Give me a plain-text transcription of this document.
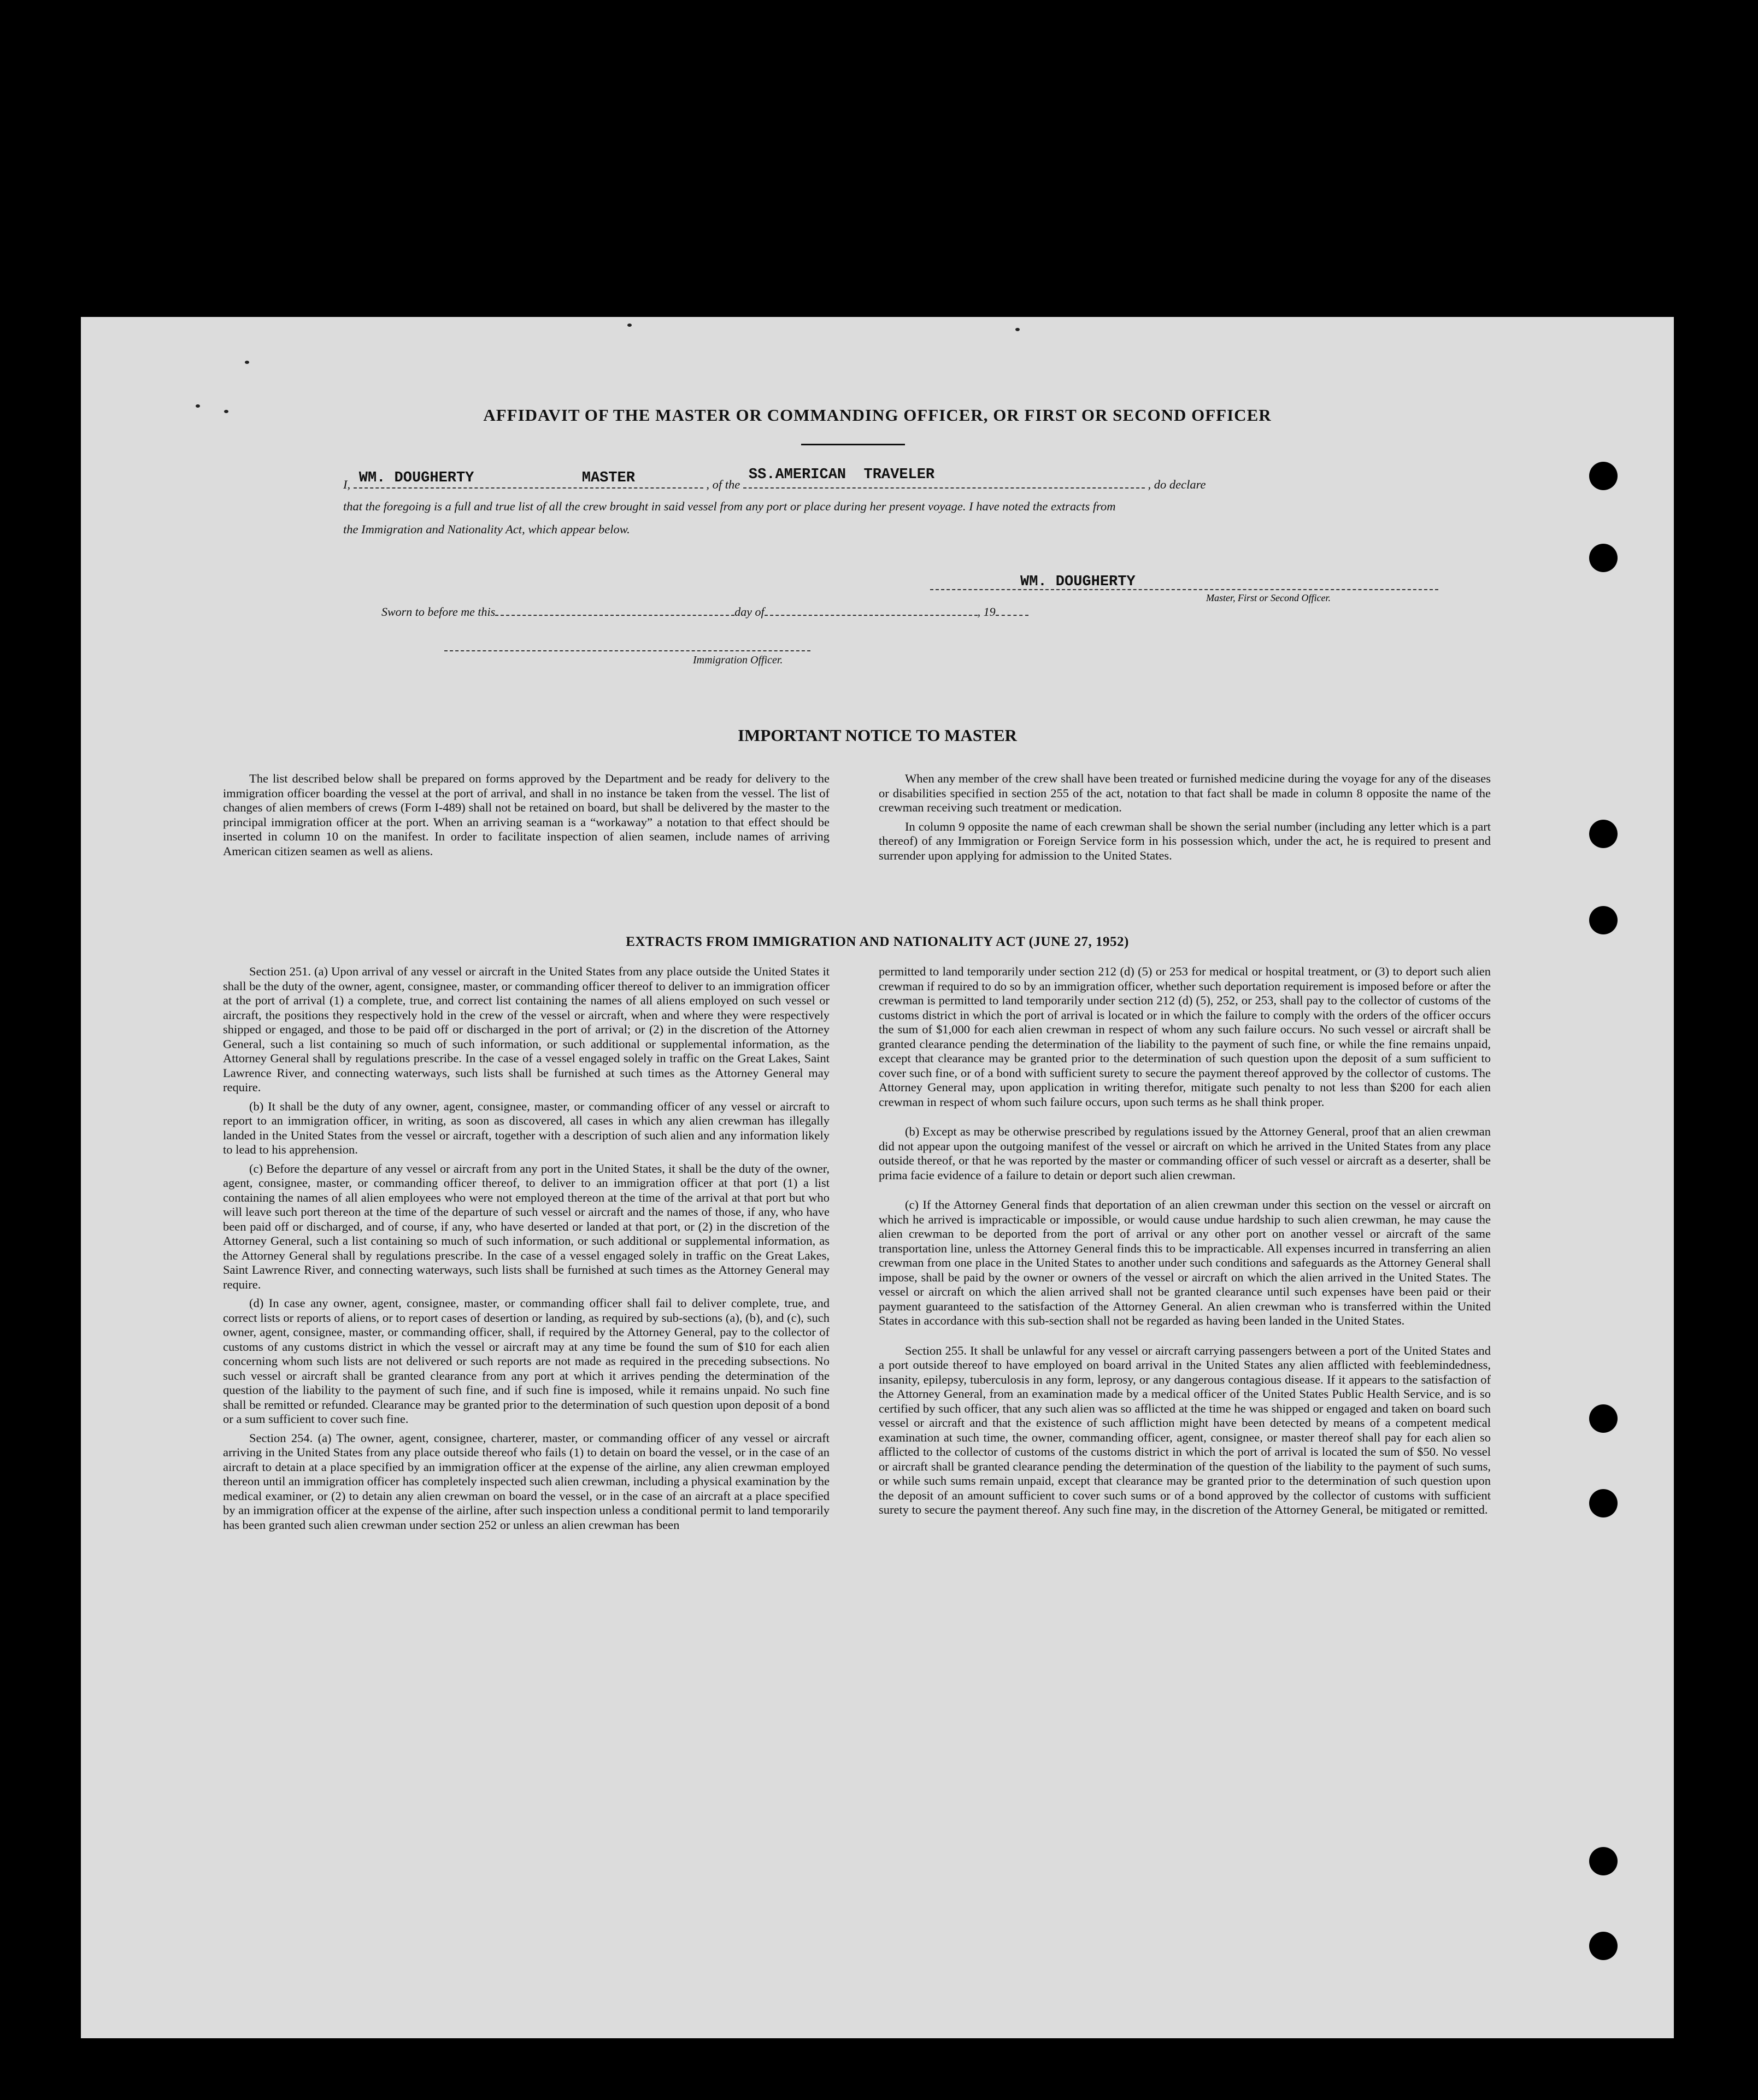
AFFIDAVIT OF THE MASTER OR COMMANDING OFFICER, OR FIRST OR SECOND OFFICER
I, WM. DOUGHERTY	MASTER	, of the
SS.AMERICAN  TRAVELER
, do declare
that the foregoing is a full and true list of all the crew brought in said vessel from any port or place during her present voyage. I have noted the extracts from
the Immigration and Nationality Act, which appear below.
WM. DOUGHERTY
Master, First or Second Officer.
Sworn to before me this	day of	, 19
Immigration Officer.
IMPORTANT NOTICE TO MASTER

The list described below shall be prepared on forms approved by the Department and be ready for delivery to the immigration officer boarding the vessel at the port of arrival, and shall in no instance be taken from the vessel. The list of changes of alien members of crews (Form I-489) shall not be retained on board, but shall be delivered by the master to the principal immigration officer at the port. When an arriving seaman is a “workaway” a notation to that effect should be inserted in column 10 on the manifest. In order to facilitate inspection of alien seamen, include names of arriving American citizen seamen as well as aliens.

When any member of the crew shall have been treated or furnished medicine during the voyage for any of the diseases or disabilities specified in section 255 of the act, notation to that fact shall be made in column 8 opposite the name of the crewman receiving such treatment or medication.

In column 9 opposite the name of each crewman shall be shown the serial number (including any letter which is a part thereof) of any Immigration or Foreign Service form in his possession which, under the act, he is required to present and surrender upon applying for admission to the United States.

EXTRACTS FROM IMMIGRATION AND NATIONALITY ACT (JUNE 27, 1952)

Section 251. (a) Upon arrival of any vessel or aircraft in the United States from any place outside the United States it shall be the duty of the owner, agent, consignee, master, or commanding officer thereof to deliver to an immigration officer at the port of arrival (1) a complete, true, and correct list containing the names of all aliens employed on such vessel or aircraft, the positions they respectively hold in the crew of the vessel or aircraft, when and where they were respectively shipped or engaged, and those to be paid off or discharged in the port of arrival; or (2) in the discretion of the Attorney General, such a list containing so much of such information, or such additional or supplemental information, as the Attorney General shall by regulations prescribe. In the case of a vessel engaged solely in traffic on the Great Lakes, Saint Lawrence River, and connecting waterways, such lists shall be furnished at such times as the Attorney General may require.

(b) It shall be the duty of any owner, agent, consignee, master, or commanding officer of any vessel or aircraft to report to an immigration officer, in writing, as soon as discovered, all cases in which any alien crewman has illegally landed in the United States from the vessel or aircraft, together with a description of such alien and any information likely to lead to his apprehension.

(c) Before the departure of any vessel or aircraft from any port in the United States, it shall be the duty of the owner, agent, consignee, master, or commanding officer thereof, to deliver to an immigration officer at that port (1) a list containing the names of all alien employees who were not employed thereon at the time of the arrival at that port but who will leave such port thereon at the time of the departure of such vessel or aircraft and the names of those, if any, who have been paid off or discharged, and of course, if any, who have deserted or landed at that port, or (2) in the discretion of the Attorney General, such a list containing so much of such information, or such additional or supplemental information, as the Attorney General shall by regulations prescribe. In the case of a vessel engaged solely in traffic on the Great Lakes, Saint Lawrence River, and connecting waterways, such lists shall be furnished at such times as the Attorney General may require.

(d) In case any owner, agent, consignee, master, or commanding officer shall fail to deliver complete, true, and correct lists or reports of aliens, or to report cases of desertion or landing, as required by sub-sections (a), (b), and (c), such owner, agent, consignee, master, or commanding officer, shall, if required by the Attorney General, pay to the collector of customs of any customs district in which the vessel or aircraft may at any time be found the sum of $10 for each alien concerning whom such lists are not delivered or such reports are not made as required in the preceding subsections. No such vessel or aircraft shall be granted clearance from any port at which it arrives pending the determination of the question of the liability to the payment of such fine, and if such fine is imposed, while it remains unpaid. No such fine shall be remitted or refunded. Clearance may be granted prior to the determination of such question upon deposit of a bond or a sum sufficient to cover such fine.

Section 254. (a) The owner, agent, consignee, charterer, master, or commanding officer of any vessel or aircraft arriving in the United States from any place outside thereof who fails (1) to detain on board the vessel, or in the case of an aircraft to detain at a place specified by an immigration officer at the expense of the airline, any alien crewman employed thereon until an immigration officer has completely inspected such alien crewman, including a physical examination by the medical examiner, or (2) to detain any alien crewman on board the vessel, or in the case of an aircraft at a place specified by an immigration officer at the expense of the airline, after such inspection unless a conditional permit to land temporarily has been granted such alien crewman under section 252 or unless an alien crewman has been

permitted to land temporarily under section 212 (d) (5) or 253 for medical or hospital treatment, or (3) to deport such alien crewman if required to do so by an immigration officer, whether such deportation requirement is imposed before or after the crewman is permitted to land temporarily under section 212 (d) (5), 252, or 253, shall pay to the collector of customs of the customs district in which the port of arrival is located or in which the failure to comply with the orders of the officer occurs the sum of $1,000 for each alien crewman in respect of whom any such failure occurs. No such vessel or aircraft shall be granted clearance pending the determination of the liability to the payment of such fine, or while the fine remains unpaid, except that clearance may be granted prior to the determination of such question upon the deposit of a sum sufficient to cover such fine, or of a bond with sufficient surety to secure the payment thereof approved by the collector of customs. The Attorney General may, upon application in writing therefor, mitigate such penalty to not less than $200 for each alien crewman in respect of whom such failure occurs, upon such terms as he shall think proper.

(b) Except as may be otherwise prescribed by regulations issued by the Attorney General, proof that an alien crewman did not appear upon the outgoing manifest of the vessel or aircraft on which he arrived in the United States from any place outside thereof, or that he was reported by the master or commanding officer of such vessel or aircraft as a deserter, shall be prima facie evidence of a failure to detain or deport such alien crewman.

(c) If the Attorney General finds that deportation of an alien crewman under this section on the vessel or aircraft on which he arrived is impracticable or impossible, or would cause undue hardship to such alien crewman, he may cause the alien crewman to be deported from the port of arrival or any other port on another vessel or aircraft of the same transportation line, unless the Attorney General finds this to be impracticable. All expenses incurred in transferring an alien crewman from one place in the United States to another under such conditions and safeguards as the Attorney General shall impose, shall be paid by the owner or owners of the vessel or aircraft on which the alien arrived in the United States. The vessel or aircraft on which the alien arrived shall not be granted clearance until such expenses have been paid or their payment guaranteed to the satisfaction of the Attorney General. An alien crewman who is transferred within the United States in accordance with this sub-section shall not be regarded as having been landed in the United States.

Section 255. It shall be unlawful for any vessel or aircraft carrying passengers between a port of the United States and a port outside thereof to have employed on board arrival in the United States any alien afflicted with feeblemindedness, insanity, epilepsy, tuberculosis in any form, leprosy, or any dangerous contagious disease. If it appears to the satisfaction of the Attorney General, from an examination made by a medical officer of the United States Public Health Service, and is so certified by such officer, that any such alien was so afflicted at the time he was shipped or engaged and taken on board such vessel or aircraft and that the existence of such affliction might have been detected by means of a competent medical examination at such time, the owner, commanding officer, agent, consignee, or master thereof shall pay for each alien so afflicted to the collector of customs of the customs district in which the port of arrival is located the sum of $50. No vessel or aircraft shall be granted clearance pending the determination of the question of the liability to the payment of such sums, or while such sums remain unpaid, except that clearance may be granted prior to the determination of such question upon the deposit of an amount sufficient to cover such sums or of a bond approved by the collector of customs with sufficient surety to secure the payment thereof. Any such fine may, in the discretion of the Attorney General, be mitigated or remitted.
